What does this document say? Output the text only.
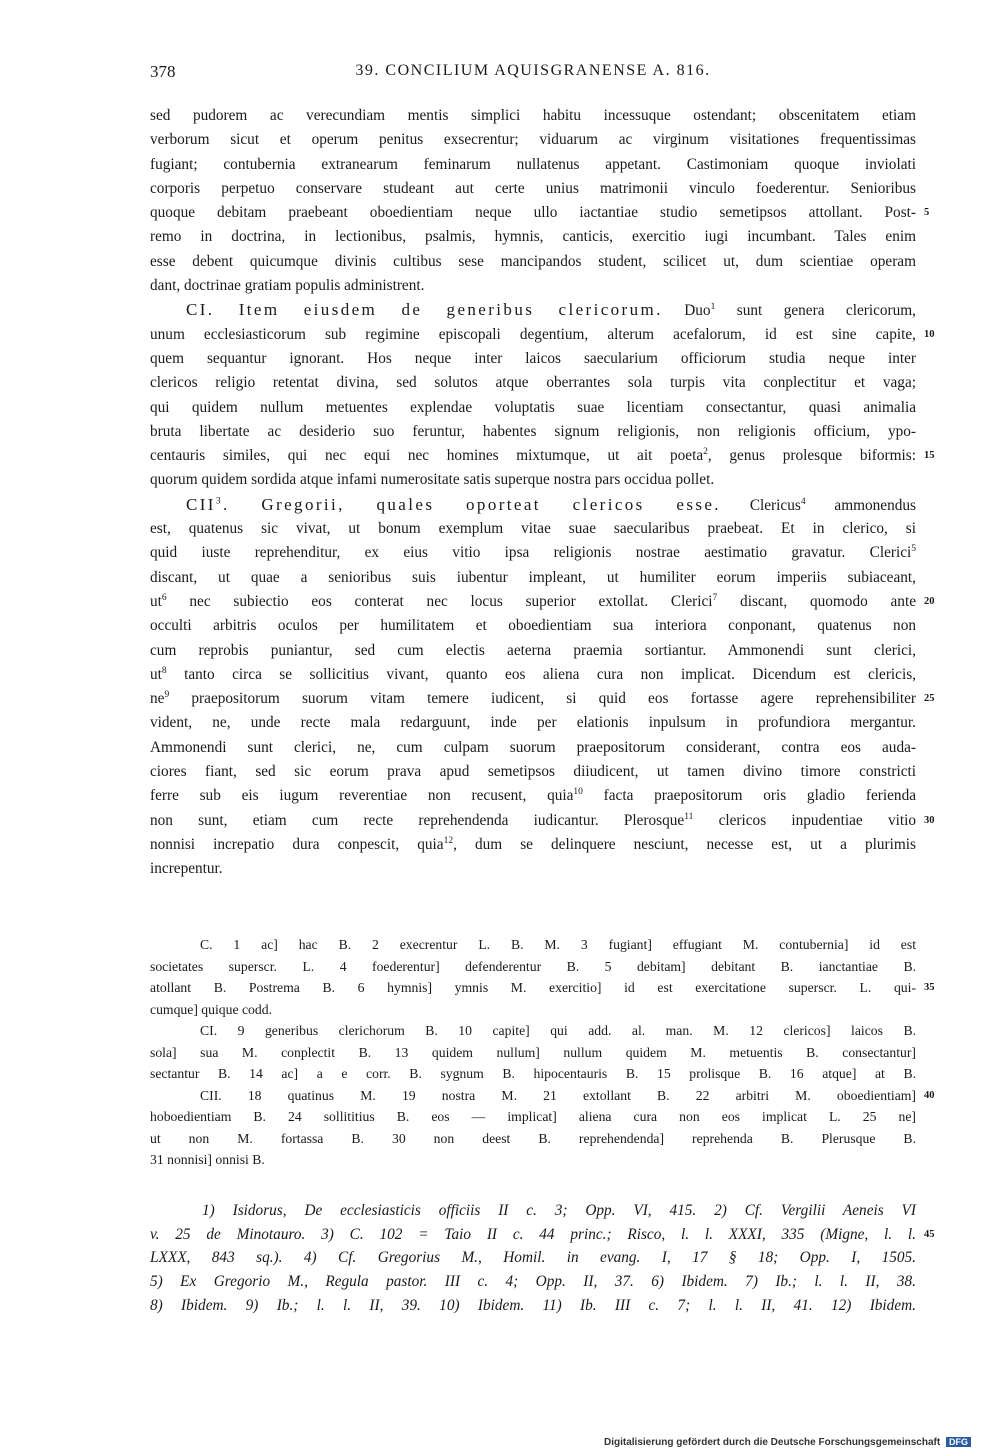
378	39. CONCILIUM AQUISGRANENSE A. 816.
sed pudorem ac verecundiam mentis simplici habitu incessuque ostendant; obscenitatem etiam
verborum sicut et operum penitus exsecrentur; viduarum ac virginum visitationes frequentissimas
fugiant; contubernia extranearum feminarum nullatenus appetant. Castimoniam quoque inviolati
corporis perpetuo conservare studeant aut certe unius matrimonii vinculo foederentur. Senioribus
quoque debitam praebeant oboedientiam neque ullo iactantiae studio semetipsos attollant. Post- 5
remo in doctrina, in lectionibus, psalmis, hymnis, canticis, exercitio iugi incumbant. Tales enim
esse debent quicumque divinis cultibus sese mancipandos student, scilicet ut, dum scientiae operam
dant, doctrinae gratiam populis administrent.
CI. Item eiusdem de generibus clericorum. Duo$^1$ sunt genera clericorum,
unum ecclesiasticorum sub regimine episcopali degentium, alterum acefalorum, id est sine capite, 10
quem sequantur ignorant. Hos neque inter laicos saecularium officiorum studia neque inter
clericos religio retentat divina, sed solutos atque oberrantes sola turpis vita conplectitur et vaga;
qui quidem nullum metuentes explendae voluptatis suae licentiam consectantur, quasi animalia
bruta libertate ac desiderio suo feruntur, habentes signum religionis, non religionis officium, ypo-
centauris similes, qui nec equi nec homines mixtumque, ut ait poeta$^2$, genus prolesque biformis: 15
quorum quidem sordida atque infami numerositate satis superque nostra pars occidua pollet.
CII$^3$. Gregorii, quales oporteat clericos esse. Clericus$^4$ ammonendus
est, quatenus sic vivat, ut bonum exemplum vitae suae saecularibus praebeat. Et in clerico, si
quid iuste reprehenditur, ex eius vitio ipsa religionis nostrae aestimatio gravatur. Clerici$^5$
discant, ut quae a senioribus suis iubentur impleant, ut humiliter eorum imperiis subiaceant,
$ut^6$ nec subiectio eos conterat nec locus superior extollat. Clerici$^7$ discant, quomodo ante 20
occulti arbitris oculos per humilitatem et oboedientiam sua interiora conponant, quatenus non
cum reprobis puniantur, sed cum electis aeterna praemia sortiantur. Ammonendi sunt clerici,
$ut^8$ tanto circa se sollicitius vivant, quanto eos aliena cura non implicat. Dicendum est clericis,
$ne^9$ praepositorum suorum vitam temere iudicent, si quid eos fortasse agere reprehensibiliter 25
vident, ne, unde recte mala redarguunt, inde per elationis inpulsum in profundiora mergantur.
Ammonendi sunt clerici, ne, cum culpam suorum praepositorum considerant, contra eos auda-
ciores fiant, sed sic eorum prava apud semetipsos diiudicent, ut tamen divino timore constricti
ferre sub eis iugum reverentiae non recusent, quia$^{10}$ facta praepositorum oris gladio ferienda
non sunt, etiam cum recte reprehendenda iudicantur. Plerosque$^{11}$ clericos inpudentiae vitio 30
nonnisi increpatio dura conpescit, quia$^{12}$, dum se delinquere nesciunt, necesse est, ut a plurimis
increpentur.
C. 1 ac] hac B. 2 execrentur L. B. M. 3 fugiant] effugiant M. contubernia] id est
societates superscr. L. 4 foederentur] defenderentur B. 5 debitam] debitant B. ianctantiae B.
atollant B. Postrema B. 6 hymnis] ymnis M. exercitio] id est exercitatione superscr. L. qui- 35
cumque] quique codd.
CI. 9 generibus clerichorum B. 10 capite] qui add. al. man. M. 12 clericos] laicos B.
sola] sua M. conplectit B. 13 quidem nullum] nullum quidem M. metuentis B. consectantur]
sectantur B. 14 ac] a e corr. B. sygnum B. hipocentauris B. 15 prolisque B. 16 atque] at B.
CII. 18 quatinus M. 19 nostra M. 21 extollant B. 22 arbitri M. oboedientiam] 40
hoboedientiam B. 24 sollititius B. eos — implicat] aliena cura non eos implicat L. 25 ne]
ut non M. fortassa B. 30 non deest B. reprehendenda] reprehenda B. Plerusque B.
31 nonnisi] onnisi B.
1) Isidorus, De ecclesiasticis officiis II c. 3; Opp. VI, 415. 2) Cf. Vergilii Aeneis VI
v. 25 de Minotauro. 3) C. 102 = Taio II c. 44 princ.; Risco, l. l. XXXI, 335 (Migne, l. l. 45
LXXX, 843 sq.). 4) Cf. Gregorius M., Homil. in evang. I, 17 § 18; Opp. I, 1505.
5) Ex Gregorio M., Regula pastor. III c. 4; Opp. II, 37. 6) Ibidem. 7) Ib.; l. l. II, 38.
8) Ibidem. 9) Ib.; l. l. II, 39. 10) Ibidem. 11) Ib. III c. 7; l. l. II, 41. 12) Ibidem.
Digitalisierung gefördert durch die Deutsche Forschungsgemeinschaft DFG
